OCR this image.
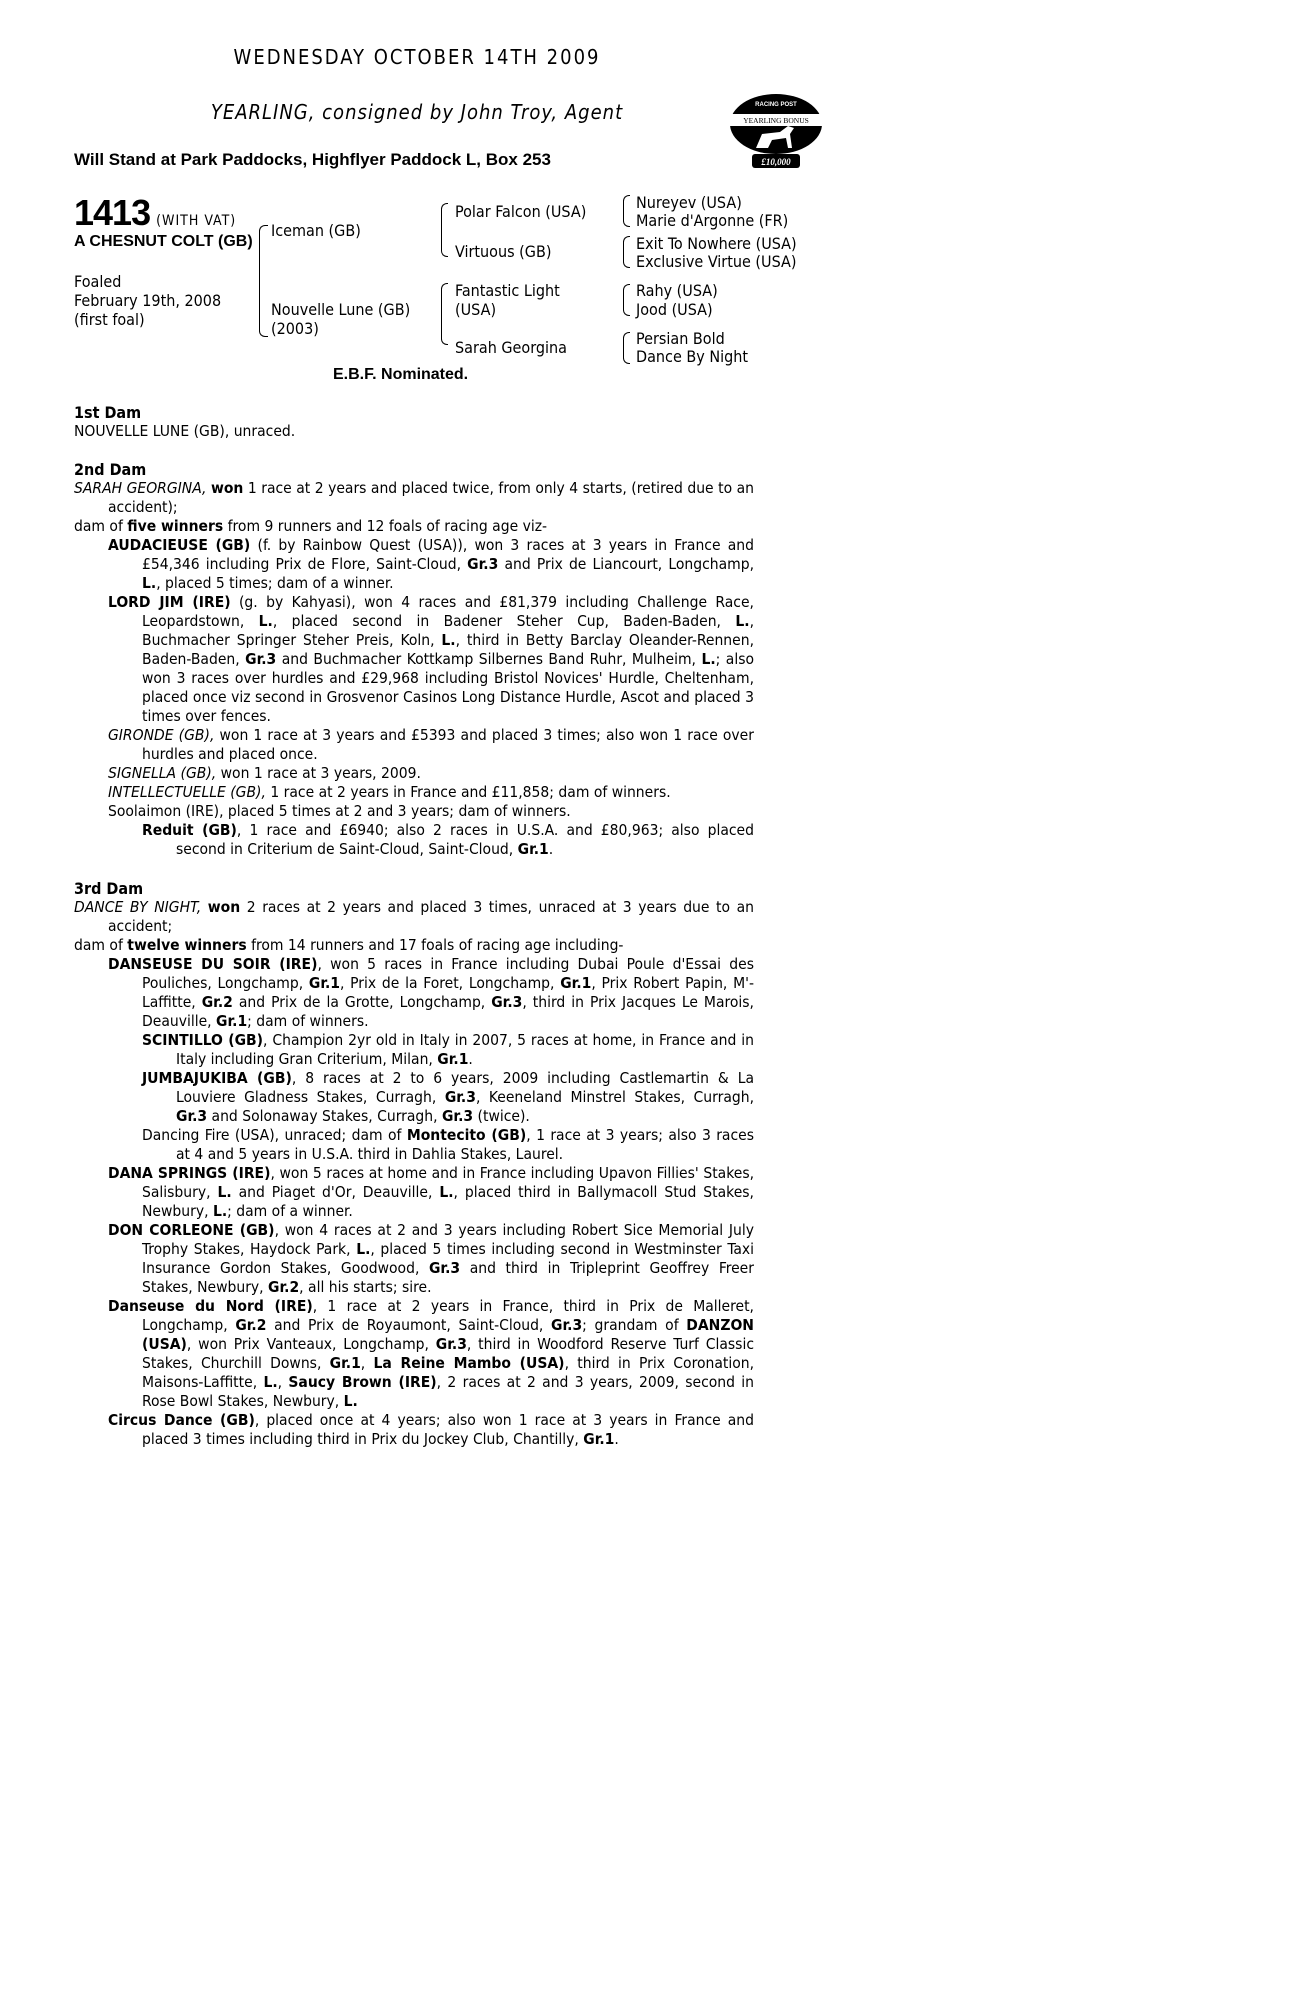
WEDNESDAY OCTOBER 14TH 2009
YEARLING, consigned by John Troy, Agent
Will Stand at Park Paddocks, Highflyer Paddock L, Box 253
RACING POST
YEARLING BONUS
£10,000
1413 (WITH VAT)
A CHESNUT COLT (GB)
Foaled
February 19th, 2008
(first foal)
Iceman (GB)
Nouvelle Lune (GB) (2003)
Polar Falcon (USA)
Virtuous (GB)
Fantastic Light (USA)
Sarah Georgina
Nureyev (USA)
Marie d'Argonne (FR)
Exit To Nowhere (USA)
Exclusive Virtue (USA)
Rahy (USA)
Jood (USA)
Persian Bold
Dance By Night
E.B.F. Nominated.
1st Dam
NOUVELLE LUNE (GB), unraced.
2nd Dam
SARAH GEORGINA, won 1 race at 2 years and placed twice, from only 4 starts, (retired due to an accident);
dam of five winners from 9 runners and 12 foals of racing age viz-
AUDACIEUSE (GB) (f. by Rainbow Quest (USA)), won 3 races at 3 years in France and £54,346 including Prix de Flore, Saint-Cloud, Gr.3 and Prix de Liancourt, Longchamp, L., placed 5 times; dam of a winner.
LORD JIM (IRE) (g. by Kahyasi), won 4 races and £81,379 including Challenge Race, Leopardstown, L., placed second in Badener Steher Cup, Baden-Baden, L., Buchmacher Springer Steher Preis, Koln, L., third in Betty Barclay Oleander-Rennen, Baden-Baden, Gr.3 and Buchmacher Kottkamp Silbernes Band Ruhr, Mulheim, L.; also won 3 races over hurdles and £29,968 including Bristol Novices' Hurdle, Cheltenham, placed once viz second in Grosvenor Casinos Long Distance Hurdle, Ascot and placed 3 times over fences.
GIRONDE (GB), won 1 race at 3 years and £5393 and placed 3 times; also won 1 race over hurdles and placed once.
SIGNELLA (GB), won 1 race at 3 years, 2009.
INTELLECTUELLE (GB), 1 race at 2 years in France and £11,858; dam of winners.
Soolaimon (IRE), placed 5 times at 2 and 3 years; dam of winners.
Reduit (GB), 1 race and £6940; also 2 races in U.S.A. and £80,963; also placed second in Criterium de Saint-Cloud, Saint-Cloud, Gr.1.
3rd Dam
DANCE BY NIGHT, won 2 races at 2 years and placed 3 times, unraced at 3 years due to an accident;
dam of twelve winners from 14 runners and 17 foals of racing age including-
DANSEUSE DU SOIR (IRE), won 5 races in France including Dubai Poule d'Essai des Pouliches, Longchamp, Gr.1, Prix de la Foret, Longchamp, Gr.1, Prix Robert Papin, M'-Laffitte, Gr.2 and Prix de la Grotte, Longchamp, Gr.3, third in Prix Jacques Le Marois, Deauville, Gr.1; dam of winners.
SCINTILLO (GB), Champion 2yr old in Italy in 2007, 5 races at home, in France and in Italy including Gran Criterium, Milan, Gr.1.
JUMBAJUKIBA (GB), 8 races at 2 to 6 years, 2009 including Castlemartin & La Louviere Gladness Stakes, Curragh, Gr.3, Keeneland Minstrel Stakes, Curragh, Gr.3 and Solonaway Stakes, Curragh, Gr.3 (twice).
Dancing Fire (USA), unraced; dam of Montecito (GB), 1 race at 3 years; also 3 races at 4 and 5 years in U.S.A. third in Dahlia Stakes, Laurel.
DANA SPRINGS (IRE), won 5 races at home and in France including Upavon Fillies' Stakes, Salisbury, L. and Piaget d'Or, Deauville, L., placed third in Ballymacoll Stud Stakes, Newbury, L.; dam of a winner.
DON CORLEONE (GB), won 4 races at 2 and 3 years including Robert Sice Memorial July Trophy Stakes, Haydock Park, L., placed 5 times including second in Westminster Taxi Insurance Gordon Stakes, Goodwood, Gr.3 and third in Tripleprint Geoffrey Freer Stakes, Newbury, Gr.2, all his starts; sire.
Danseuse du Nord (IRE), 1 race at 2 years in France, third in Prix de Malleret, Longchamp, Gr.2 and Prix de Royaumont, Saint-Cloud, Gr.3; grandam of DANZON (USA), won Prix Vanteaux, Longchamp, Gr.3, third in Woodford Reserve Turf Classic Stakes, Churchill Downs, Gr.1, La Reine Mambo (USA), third in Prix Coronation, Maisons-Laffitte, L., Saucy Brown (IRE), 2 races at 2 and 3 years, 2009, second in Rose Bowl Stakes, Newbury, L.
Circus Dance (GB), placed once at 4 years; also won 1 race at 3 years in France and placed 3 times including third in Prix du Jockey Club, Chantilly, Gr.1.
